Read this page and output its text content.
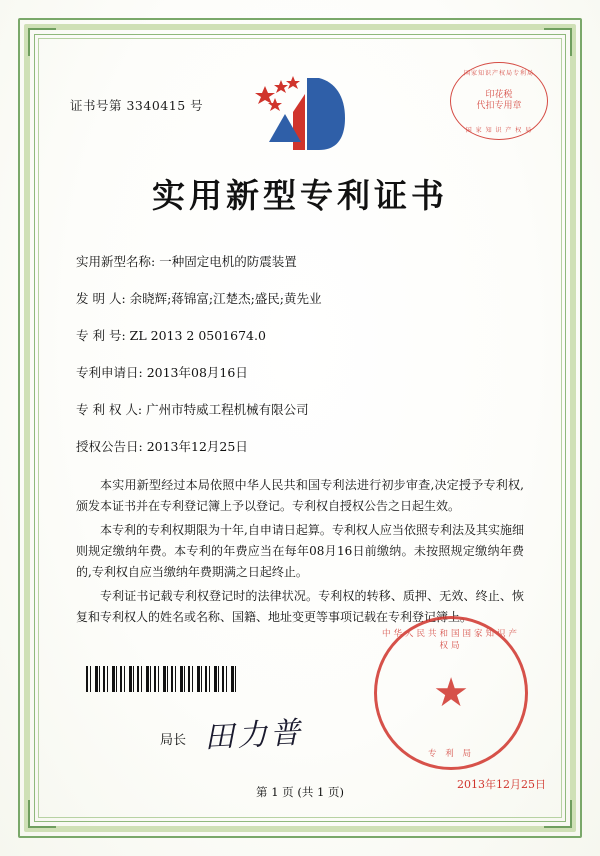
证书号第 3340415 号
国家知识产权局专利局
印花税
代扣专用章
国 家 知 识 产 权 局
实用新型专利证书
实用新型名称: 一种固定电机的防震装置
发 明 人: 余晓辉;蒋锦富;江楚杰;盛民;黄先业
专 利 号: ZL 2013 2 0501674.0
专利申请日: 2013年08月16日
专 利 权 人: 广州市特威工程机械有限公司
授权公告日: 2013年12月25日

本实用新型经过本局依照中华人民共和国专利法进行初步审查,决定授予专利权,颁发本证书并在专利登记簿上予以登记。专利权自授权公告之日起生效。

本专利的专利权期限为十年,自申请日起算。专利权人应当依照专利法及其实施细则规定缴纳年费。本专利的年费应当在每年08月16日前缴纳。未按照规定缴纳年费的,专利权自应当缴纳年费期满之日起终止。

专利证书记载专利权登记时的法律状况。专利权的转移、质押、无效、终止、恢复和专利权人的姓名或名称、国籍、地址变更等事项记载在专利登记簿上。

局长 田力普
中华人民共和国国家知识产权局
★
专 利 局
2013年12月25日
第 1 页 (共 1 页)
